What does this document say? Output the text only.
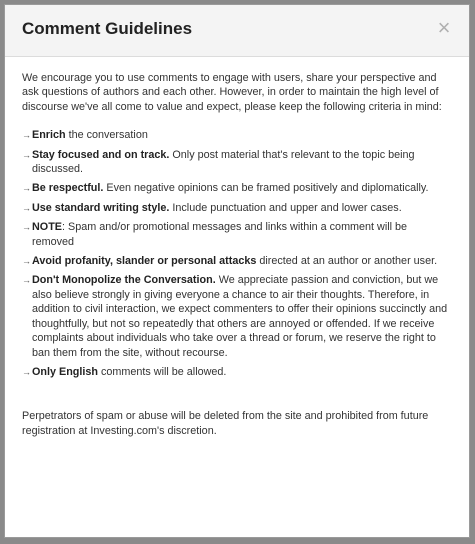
Comment Guidelines	×

We encourage you to use comments to engage with users, share your perspective and ask questions of authors and each other. However, in order to maintain the high level of discourse we've all come to value and expect, please keep the following criteria in mind:

→ Enrich the conversation
→ Stay focused and on track. Only post material that's relevant to the topic being discussed.
→ Be respectful. Even negative opinions can be framed positively and diplomatically.
→ Use standard writing style. Include punctuation and upper and lower cases.
→ NOTE: Spam and/or promotional messages and links within a comment will be removed
→ Avoid profanity, slander or personal attacks directed at an author or another user.
→ Don't Monopolize the Conversation. We appreciate passion and conviction, but we also believe strongly in giving everyone a chance to air their thoughts. Therefore, in addition to civil interaction, we expect commenters to offer their opinions succinctly and thoughtfully, but not so repeatedly that others are annoyed or offended. If we receive complaints about individuals who take over a thread or forum, we reserve the right to ban them from the site, without recourse.
→ Only English comments will be allowed.

Perpetrators of spam or abuse will be deleted from the site and prohibited from future registration at Investing.com's discretion.
